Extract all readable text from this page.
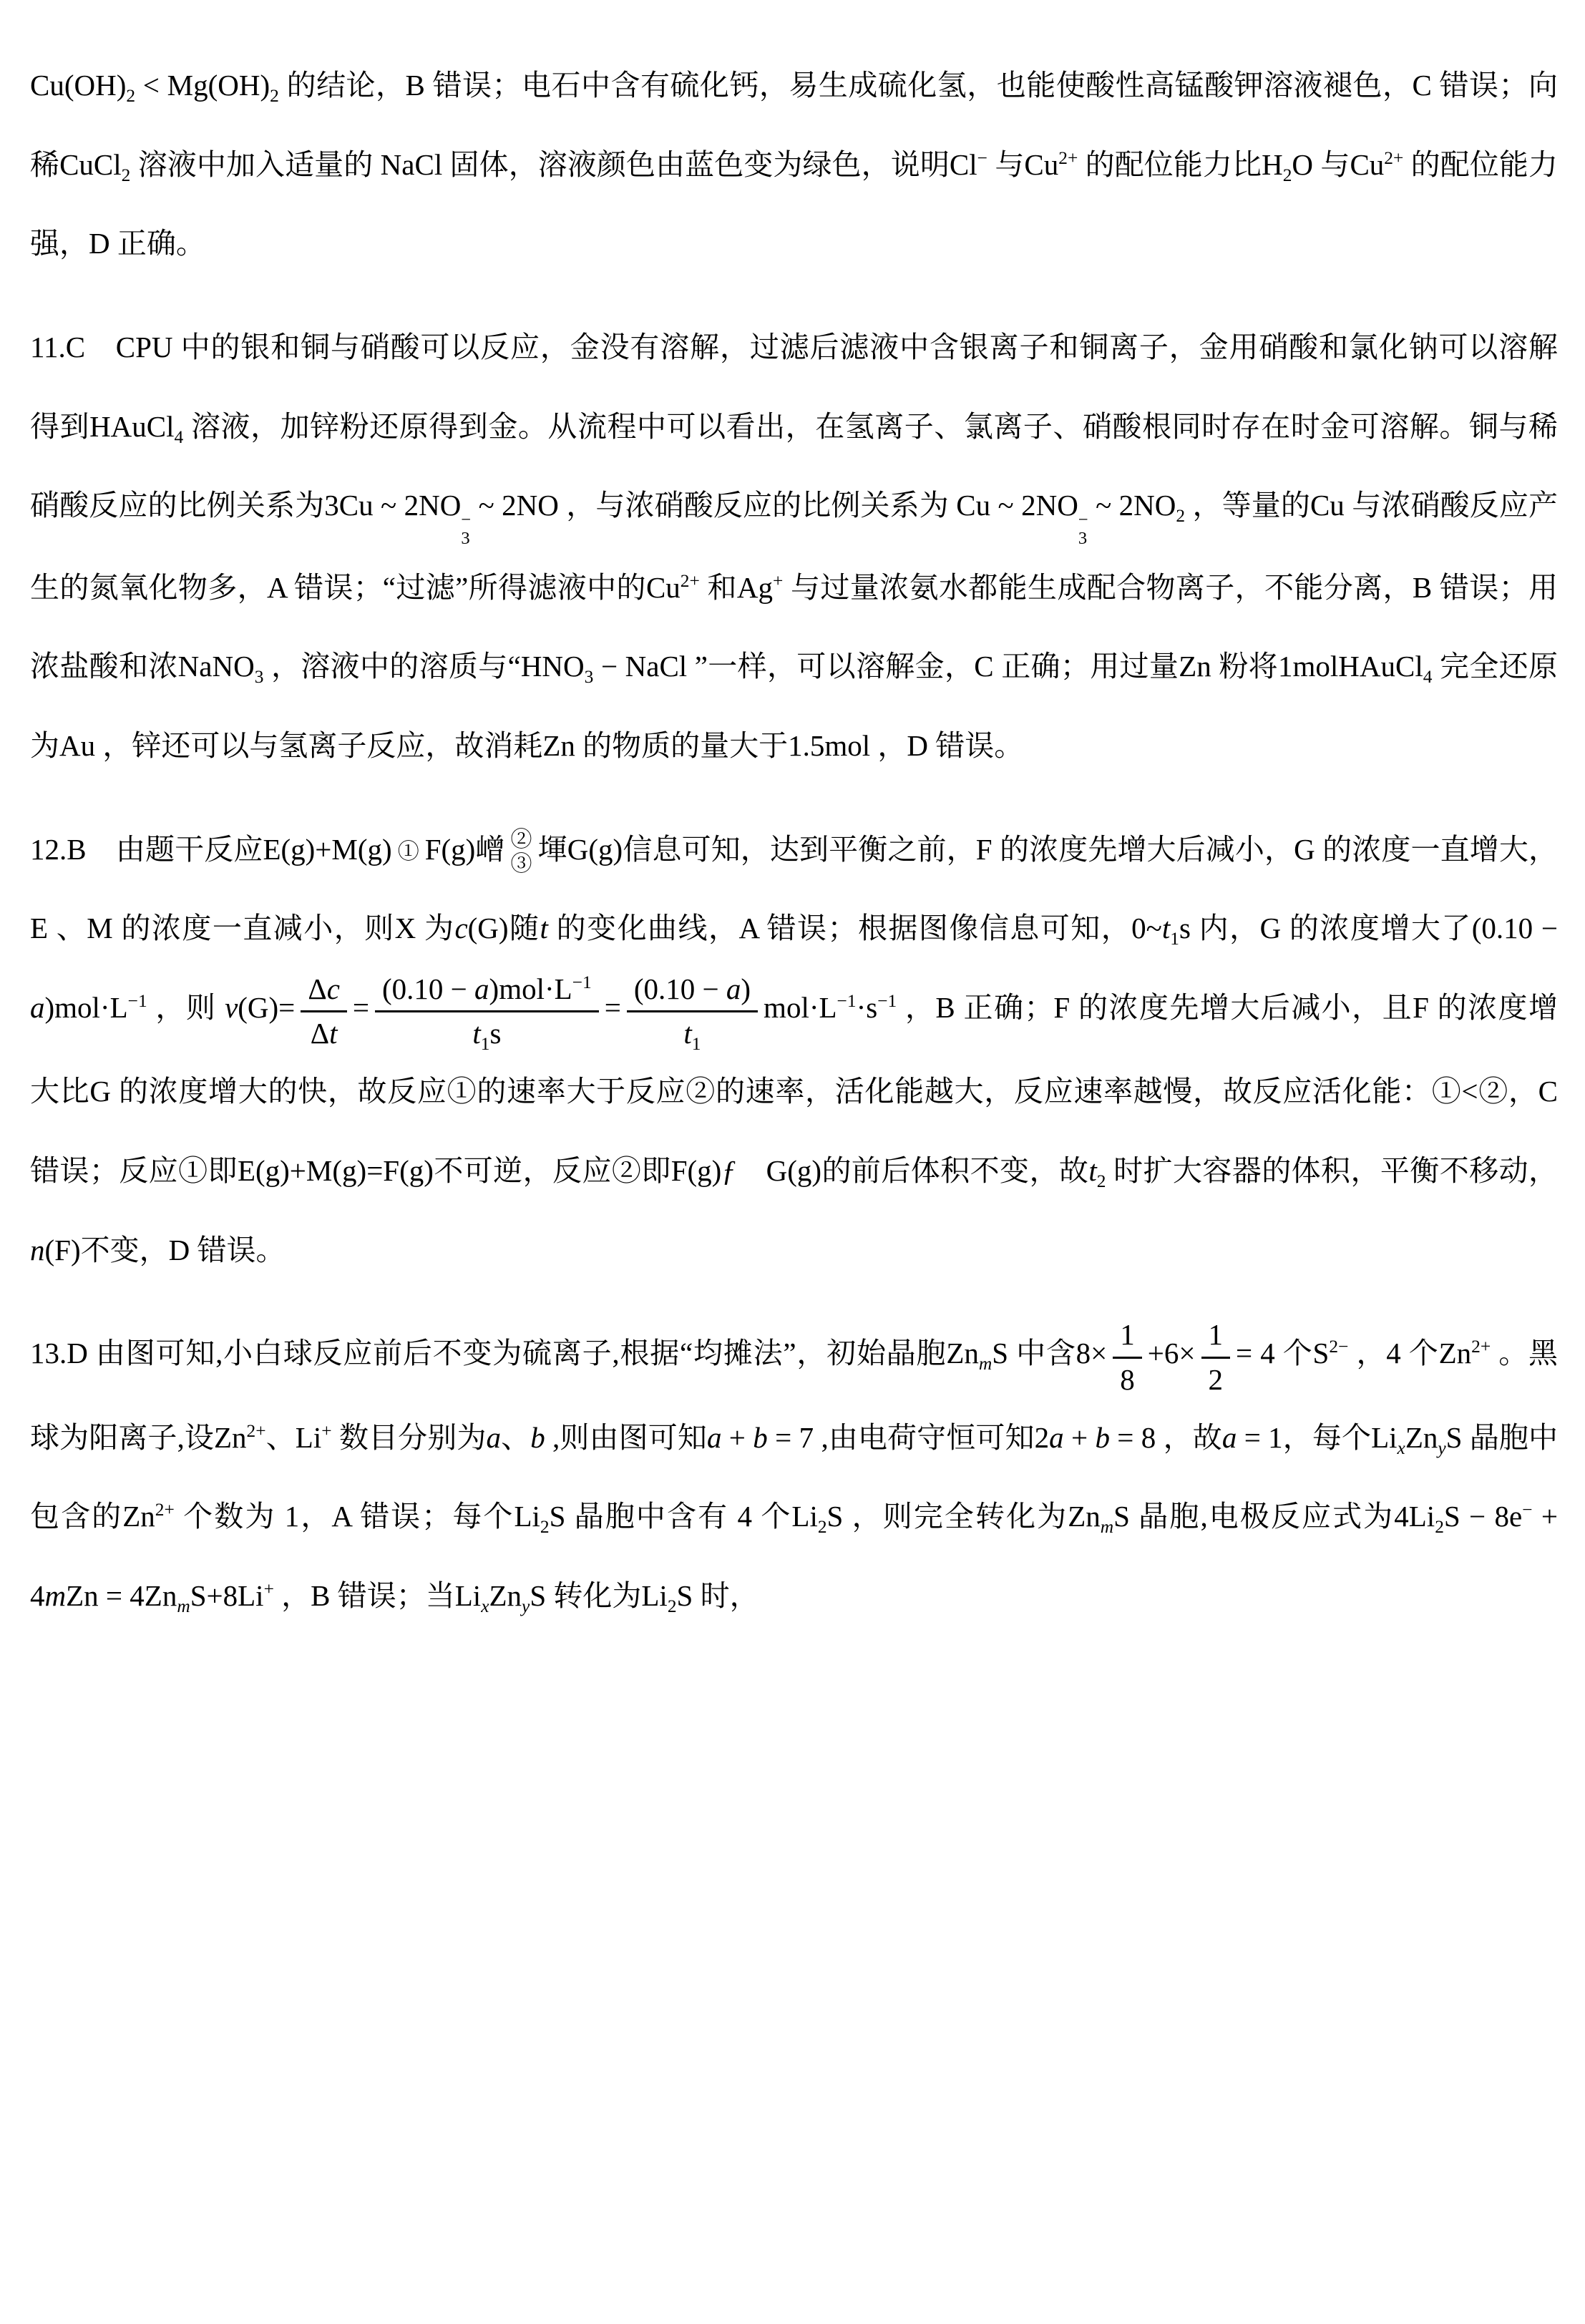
$Cu(OH)_2 < Mg(OH)_2$ 的结论，B 错误；电石中含有硫化钙，易生成硫化氢，也能使酸性高锰酸钾溶液褪色，C 错误；向稀CuCl$_2$ 溶液中加入适量的 NaCl 固体，溶液颜色由蓝色变为绿色，说明Cl− 与$Cu^{2+}$ 的配位能力比$H_2O$ 与$Cu^{2+}$ 的配位能力强，D 正确。
11.C　CPU 中的银和铜与硝酸可以反应，金没有溶解，过滤后滤液中含银离子和铜离子，金用硝酸和氯化钠可以溶解得到HAuCl$_4$ 溶液，加锌粉还原得到金。从流程中可以看出，在氢离子、氯离子、硝酸根同时存在时金可溶解。铜与稀硝酸反应的比例关系为3Cu ~ 2NO −
3
~ 2NO ，与浓硝酸反应的比例关系为 Cu ~ 2NO −
3
~ $2NO_2$ ，等量的Cu 与浓硝酸反应产生的氮氧化物多，A 错误；“过滤”所得滤液中的$Cu^{2+}$ 和Ag+ 与过量浓氨水都能生成配合物离子，不能分离，B 错误；用浓盐酸和浓NaNO$_3$ ，溶液中的溶质与“$HNO_3$ − NaCl ”一样，可以溶解金，C 正确；用过量Zn 粉将1molHAuCl$_4$ 完全还原为Au ，锌还可以与氢离子反应，故消耗Zn 的物质的量大于1.5mol ，D 错误。
12.B　由题干反应E(g)+M(g) ① F(g)嶒 ②
③ 堚G(g)信息可知，达到平衡之前，F 的浓度先增大后减小，G 的浓度一直增大，E 、M 的浓度一直减小，则X 为c(G)随t 的变化曲线，A 错误；根据图像信息可知，$0\sim t_1s$ 内，G 的浓度增大了$(0.10 - a)mol\cdot L^{-1}$ ，则 $v(G)= \frac{\Delta c}{\Delta t} = \frac{(0.10 - a)mol\cdot L^{-1}}{t_1s} = \frac{(0.10 - a)}{t_1} mol\cdot L^{-1}\cdot s^{-1}$ ，B 正确；F 的浓度先增大后减小，且F 的浓度增大比G 的浓度增大的快，故反应①的速率大于反应②的速率，活化能越大，反应速率越慢，故反应活化能：①<②，C 错误；反应①即E(g)+M(g)=F(g)不可逆，反应②即F(g)ƒ　G(g)的前后体积不变，故$t_2$ 时扩大容器的体积，平衡不移动，n(F)不变，D 错误。
13.D 由图可知,小白球反应前后不变为硫离子,根据“均摊法”，初始晶胞$Zn_mS$ 中含$8\times \frac{1}{8} +6\times \frac{1}{2} = 4$ 个$S^{2-}$ ，4 个$Zn^{2+}$ 。黑球为阳离子,设$Zn^{2+}$、Li+ 数目分别为a、b ,则由图可知a + b = 7 ,由电荷守恒可知2a + b = 8 ，故a = 1，每个$Li_xZn_yS$ 晶胞中包含的$Zn^{2+}$ 个数为 1，A 错误；每个$Li_2S$ 晶胞中含有 4 个$Li_2S$ ，则完全转化为$Zn_mS$ 晶胞,电极反应式为$4Li_2S - 8e^- + 4mZn = 4Zn_mS+8Li^+$ ，B 错误；当$Li_xZn_yS$ 转化为$Li_2S$ 时，
